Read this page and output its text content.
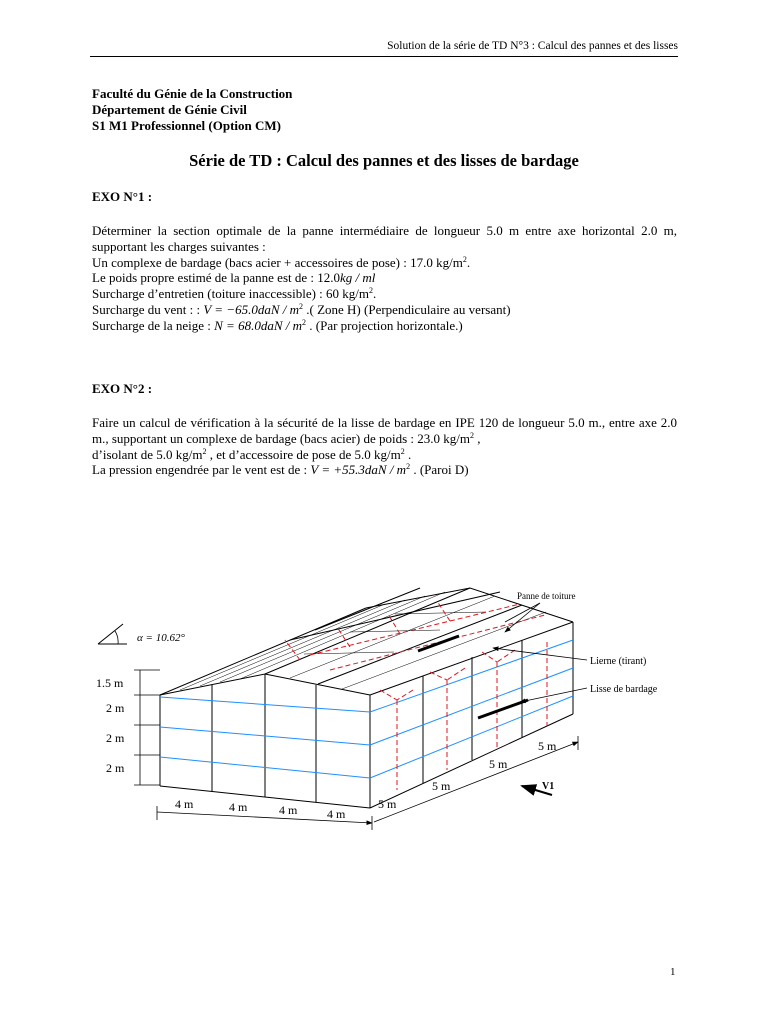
Solution de la série de TD N°3 : Calcul des pannes et des lisses
Faculté du Génie de la Construction
Département de Génie Civil
S1 M1 Professionnel (Option CM)
Série de TD : Calcul des pannes et des lisses de bardage
EXO N°1 :

Déterminer la section optimale de la panne intermédiaire de longueur 5.0 m entre axe horizontal 2.0 m, supportant les charges suivantes :

Un complexe de bardage (bacs acier + accessoires de pose) : 17.0 $kg/m^2$.

Le poids propre estimé de la panne est de : 12.0kg / ml

Surcharge d’entretien (toiture inaccessible) : 60 $kg/m^2$.

Surcharge du vent : : $V = -65.0daN / m^2$ .( Zone H) (Perpendiculaire au versant)

Surcharge de la neige : $N = 68.0daN / m^2$ . (Par projection horizontale.)

EXO N°2 :

Faire un calcul de vérification à la sécurité de la lisse de bardage en IPE 120 de longueur 5.0 m., entre axe 2.0 m., supportant un complexe de bardage (bacs acier) de poids : 23.0 $kg/m^2$ ,

d’isolant de 5.0 $kg/m^2$ , et d’accessoire de pose de 5.0 $kg/m^2$ .

La pression engendrée par le vent est de : $V = +55.3daN / m^2$ . (Paroi D)

Panne de toiture
Lierne (tirant)
Lisse de bardage
α = 10.62°
1.5 m
2 m
2 m
2 m
4 m	4 m	4 m 4 m
5 m
5 m
5 m
5 m
V1
1
